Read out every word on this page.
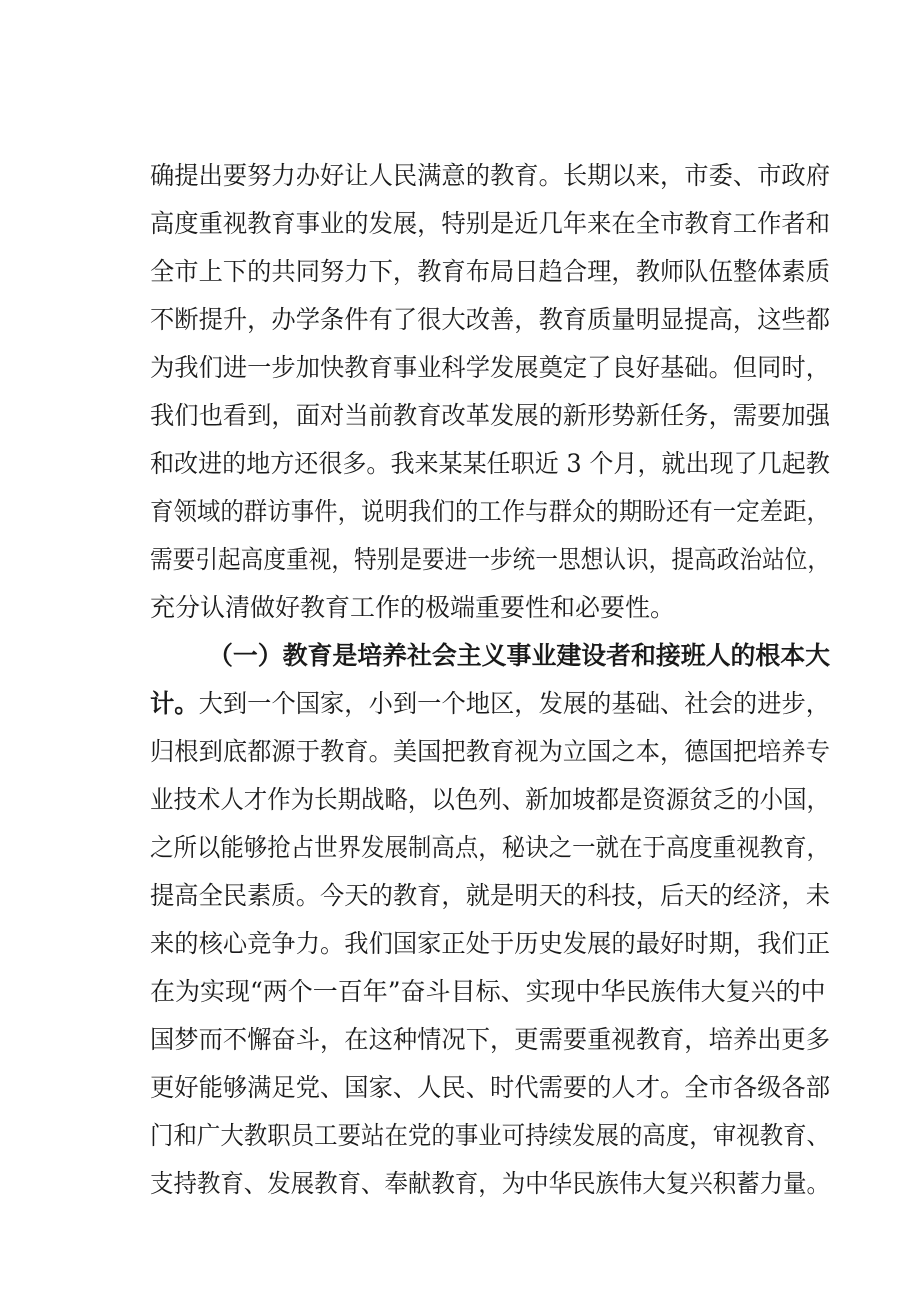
确提出要努力办好让人民满意的教育。长期以来，市委、市政府
高度重视教育事业的发展，特别是近几年来在全市教育工作者和
全市上下的共同努力下，教育布局日趋合理，教师队伍整体素质
不断提升，办学条件有了很大改善，教育质量明显提高，这些都
为我们进一步加快教育事业科学发展奠定了良好基础。但同时，
我们也看到，面对当前教育改革发展的新形势新任务，需要加强
和改进的地方还很多。我来某某任职近 3 个月，就出现了几起教
育领域的群访事件，说明我们的工作与群众的期盼还有一定差距，
需要引起高度重视，特别是要进一步统一思想认识，提高政治站位，
充分认清做好教育工作的极端重要性和必要性。
（一）教育是培养社会主义事业建设者和接班人的根本大
计。大到一个国家，小到一个地区，发展的基础、社会的进步，
归根到底都源于教育。美国把教育视为立国之本，德国把培养专
业技术人才作为长期战略，以色列、新加坡都是资源贫乏的小国，
之所以能够抢占世界发展制高点，秘诀之一就在于高度重视教育，
提高全民素质。今天的教育，就是明天的科技，后天的经济，未
来的核心竞争力。我们国家正处于历史发展的最好时期，我们正
在为实现“两个一百年”奋斗目标、实现中华民族伟大复兴的中
国梦而不懈奋斗，在这种情况下，更需要重视教育，培养出更多
更好能够满足党、国家、人民、时代需要的人才。全市各级各部
门和广大教职员工要站在党的事业可持续发展的高度，审视教育、
支持教育、发展教育、奉献教育，为中华民族伟大复兴积蓄力量。
